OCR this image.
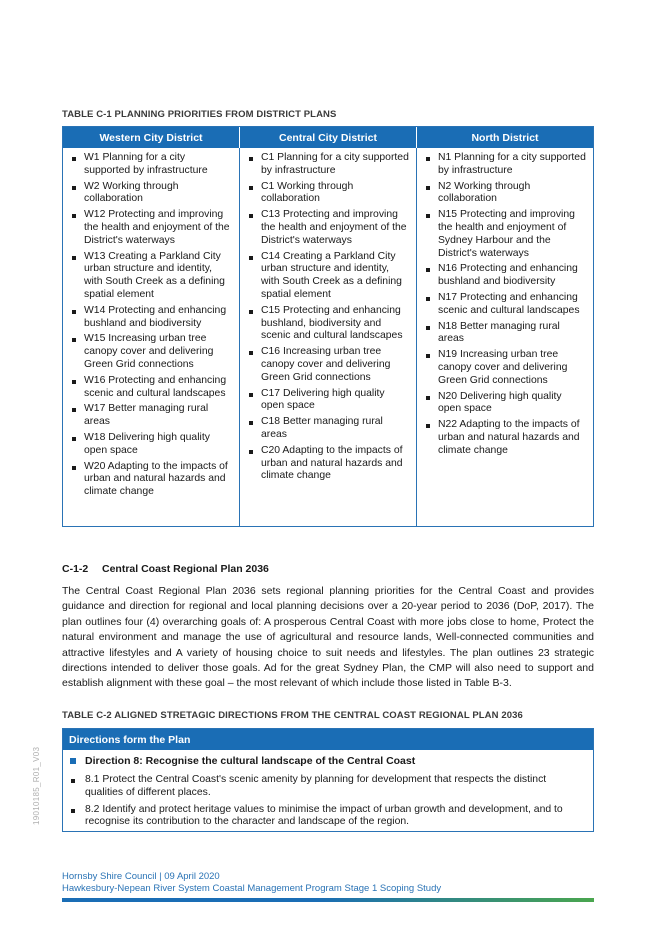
TABLE C-1 PLANNING PRIORITIES FROM DISTRICT PLANS
Western City District	Central City District	North District
W1 Planning for a city supported by infrastructure
W2 Working through collaboration
W12 Protecting and improving the health and enjoyment of the District's waterways
W13 Creating a Parkland City urban structure and identity, with South Creek as a defining spatial element
W14 Protecting and enhancing bushland and biodiversity
W15 Increasing urban tree canopy cover and delivering Green Grid connections
W16 Protecting and enhancing scenic and cultural landscapes
W17 Better managing rural areas
W18 Delivering high quality open space
W20 Adapting to the impacts of urban and natural hazards and climate change
C1 Planning for a city supported by infrastructure
C1 Working through collaboration
C13 Protecting and improving the health and enjoyment of the District's waterways
C14 Creating a Parkland City urban structure and identity, with South Creek as a defining spatial element
C15 Protecting and enhancing bushland, biodiversity and scenic and cultural landscapes
C16 Increasing urban tree canopy cover and delivering Green Grid connections
C17 Delivering high quality open space
C18 Better managing rural areas
C20 Adapting to the impacts of urban and natural hazards and climate change
N1 Planning for a city supported by infrastructure
N2 Working through collaboration
N15 Protecting and improving the health and enjoyment of Sydney Harbour and the District's waterways
N16 Protecting and enhancing bushland and biodiversity
N17 Protecting and enhancing scenic and cultural landscapes
N18 Better managing rural areas
N19 Increasing urban tree canopy cover and delivering Green Grid connections
N20 Delivering high quality open space
N22 Adapting to the impacts of urban and natural hazards and climate change
C-1-2 Central Coast Regional Plan 2036
The Central Coast Regional Plan 2036 sets regional planning priorities for the Central Coast and provides guidance and direction for regional and local planning decisions over a 20-year period to 2036 (DoP, 2017). The plan outlines four (4) overarching goals of: A prosperous Central Coast with more jobs close to home, Protect the natural environment and manage the use of agricultural and resource lands, Well-connected communities and attractive lifestyles and A variety of housing choice to suit needs and lifestyles. The plan outlines 23 strategic directions intended to deliver those goals. Ad for the great Sydney Plan, the CMP will also need to support and establish alignment with these goal – the most relevant of which include those listed in Table B-3.
TABLE C-2 ALIGNED STRETAGIC DIRECTIONS FROM THE CENTRAL COAST REGIONAL PLAN 2036
Directions form the Plan
Direction 8: Recognise the cultural landscape of the Central Coast
8.1 Protect the Central Coast's scenic amenity by planning for development that respects the distinct qualities of different places.
8.2 Identify and protect heritage values to minimise the impact of urban growth and development, and to recognise its contribution to the character and landscape of the region.
19010185_R01_V03
Hornsby Shire Council | 09 April 2020
Hawkesbury-Nepean River System Coastal Management Program Stage 1 Scoping Study
